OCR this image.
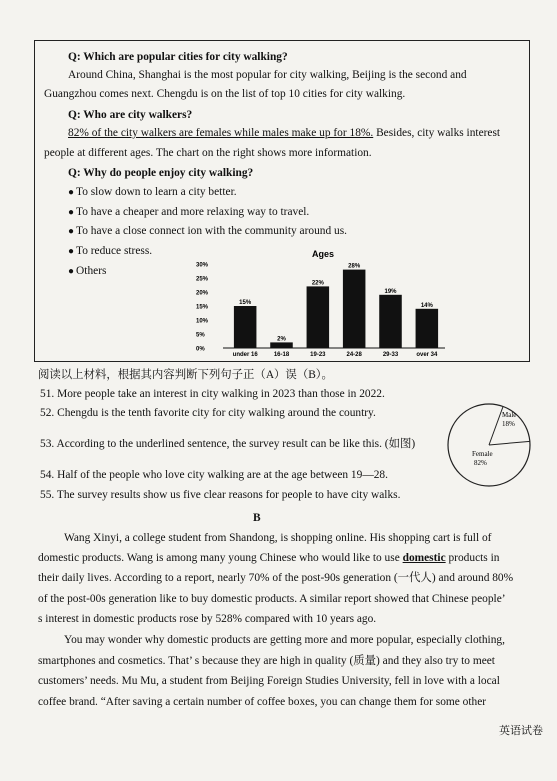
Q: Which are popular cities for city walking?
Around China, Shanghai is the most popular for city walking, Beijing is the second and
Guangzhou comes next. Chengdu is on the list of top 10 cities for city walking.
Q: Who are city walkers?
82% of the city walkers are females while males make up for 18%. Besides, city walks interest
people at different ages. The chart on the right shows more information.
Q: Why do people enjoy city walking?
● To slow down to learn a city better.
● To have a cheaper and more relaxing way to travel.
● To have a close connect ion with the community around us.
● To reduce stress.
● Others
Ages
0%
5%
10%
15%
20%
25%
30%
15%
under 16
2%
16-18
22%
19-23
28%
24-28
19%
29-33
14%
over 34
阅读以上材料，根据其内容判断下列句子正（A）误（B）。
51. More people take an interest in city walking in 2023 than those in 2022.
52. Chengdu is the tenth favorite city for city walking around the country.
53. According to the underlined sentence, the survey result can be like this. (如图)
54. Half of the people who love city walking are at the age between 19—28.
55. The survey results show us five clear reasons for people to have city walks.
Male
18%
Female
82%
B
Wang Xinyi, a college student from Shandong, is shopping online. His shopping cart is full of
domestic products. Wang is among many young Chinese who would like to use domestic products in
their daily lives. According to a report, nearly 70% of the post-90s generation (一代人) and around 80%
of the post-00s generation like to buy domestic products. A similar report showed that Chinese people’
s interest in domestic products rose by 528% compared with 10 years ago.
You may wonder why domestic products are getting more and more popular, especially clothing,
smartphones and cosmetics. That’ s because they are high in quality (质量) and they also try to meet
customers’ needs. Mu Mu, a student from Beijing Foreign Studies University, fell in love with a local
coffee brand. “After saving a certain number of coffee boxes, you can change them for some other
英语试卷
